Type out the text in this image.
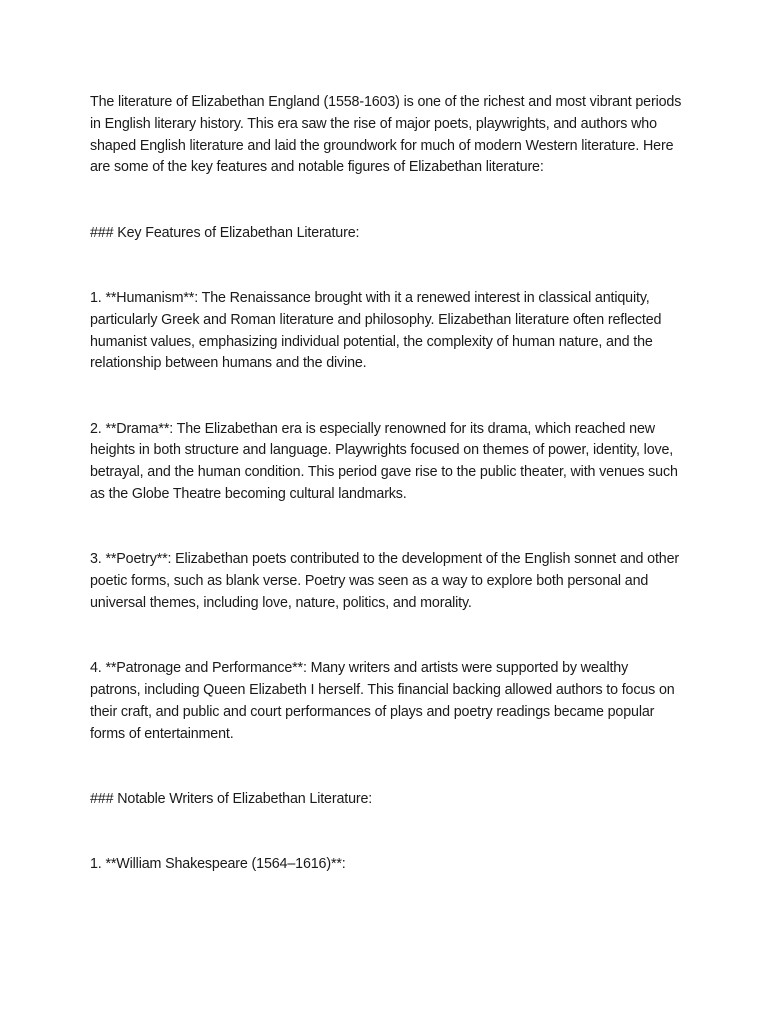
The literature of Elizabethan England (1558-1603) is one of the richest and most vibrant periods in English literary history. This era saw the rise of major poets, playwrights, and authors who shaped English literature and laid the groundwork for much of modern Western literature. Here are some of the key features and notable figures of Elizabethan literature:

### Key Features of Elizabethan Literature:

1. **Humanism**: The Renaissance brought with it a renewed interest in classical antiquity, particularly Greek and Roman literature and philosophy. Elizabethan literature often reflected humanist values, emphasizing individual potential, the complexity of human nature, and the relationship between humans and the divine.

2. **Drama**: The Elizabethan era is especially renowned for its drama, which reached new heights in both structure and language. Playwrights focused on themes of power, identity, love, betrayal, and the human condition. This period gave rise to the public theater, with venues such as the Globe Theatre becoming cultural landmarks.

3. **Poetry**: Elizabethan poets contributed to the development of the English sonnet and other poetic forms, such as blank verse. Poetry was seen as a way to explore both personal and universal themes, including love, nature, politics, and morality.

4. **Patronage and Performance**: Many writers and artists were supported by wealthy patrons, including Queen Elizabeth I herself. This financial backing allowed authors to focus on their craft, and public and court performances of plays and poetry readings became popular forms of entertainment.

### Notable Writers of Elizabethan Literature:

1. **William Shakespeare (1564–1616)**:
